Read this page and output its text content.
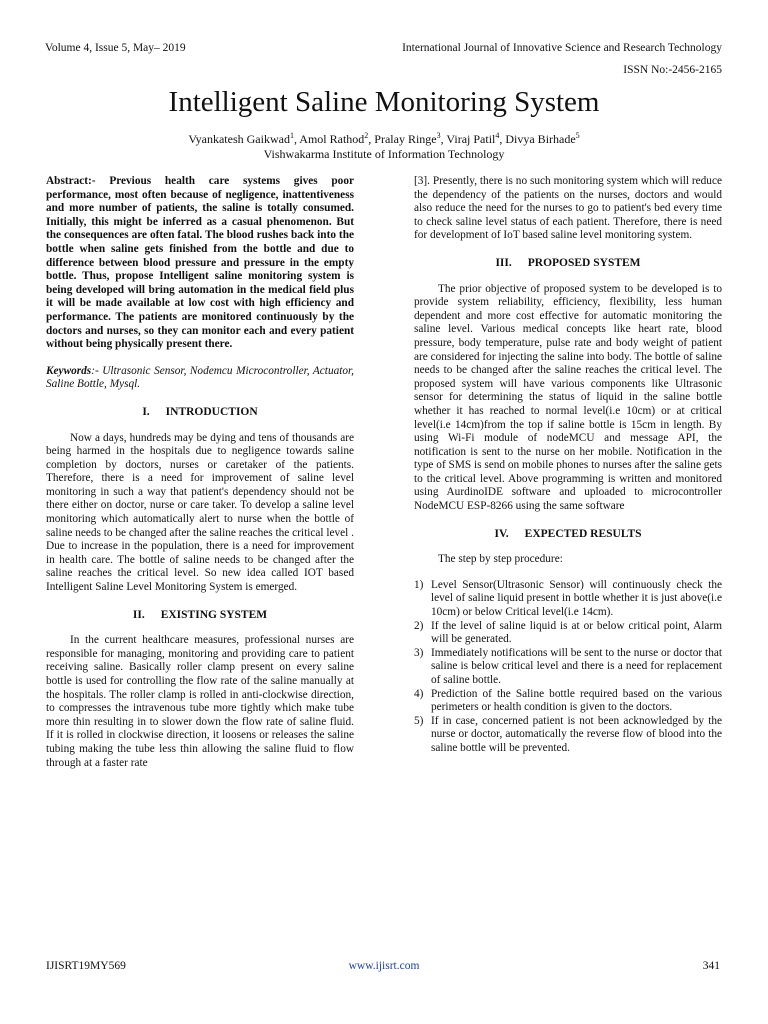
Volume 4, Issue 5, May– 2019	International Journal of Innovative Science and Research Technology
ISSN No:-2456-2165
Intelligent Saline Monitoring System
Vyankatesh Gaikwad$^1$, Amol Rathod$^2$, Pralay Ringe$^3$, Viraj Patil$^4$, Divya Birhade$^5$
Vishwakarma Institute of Information Technology

Abstract:- Previous health care systems gives poor performance, most often because of negligence, inattentiveness and more number of patients, the saline is totally consumed. Initially, this might be inferred as a casual phenomenon. But the consequences are often fatal. The blood rushes back into the bottle when saline gets finished from the bottle and due to difference between blood pressure and pressure in the empty bottle. Thus, propose Intelligent saline monitoring system is being developed will bring automation in the medical field plus it will be made available at low cost with high efficiency and performance. The patients are monitored continuously by the doctors and nurses, so they can monitor each and every patient without being physically present there.

Keywords:- Ultrasonic Sensor, Nodemcu Microcontroller, Actuator, Saline Bottle, Mysql.

I. INTRODUCTION

Now a days, hundreds may be dying and tens of thousands are being harmed in the hospitals due to negligence towards saline completion by doctors, nurses or caretaker of the patients. Therefore, there is a need for improvement of saline level monitoring in such a way that patient's dependency should not be there either on doctor, nurse or care taker. To develop a saline level monitoring which automatically alert to nurse when the bottle of saline needs to be changed after the saline reaches the critical level . Due to increase in the population, there is a need for improvement in health care. The bottle of saline needs to be changed after the saline reaches the critical level. So new idea called IOT based Intelligent Saline Level Monitoring System is emerged.

II. EXISTING SYSTEM

In the current healthcare measures, professional nurses are responsible for managing, monitoring and providing care to patient receiving saline. Basically roller clamp present on every saline bottle is used for controlling the flow rate of the saline manually at the hospitals. The roller clamp is rolled in anti-clockwise direction, to compresses the intravenous tube more tightly which make tube more thin resulting in to slower down the flow rate of saline fluid. If it is rolled in clockwise direction, it loosens or releases the saline tubing making the tube less thin allowing the saline fluid to flow through at a faster rate

[3]. Presently, there is no such monitoring system which will reduce the dependency of the patients on the nurses, doctors and would also reduce the need for the nurses to go to patient's bed every time to check saline level status of each patient. Therefore, there is need for development of IoT based saline level monitoring system.

III. PROPOSED SYSTEM

The prior objective of proposed system to be developed is to provide system reliability, efficiency, flexibility, less human dependent and more cost effective for automatic monitoring the saline level. Various medical concepts like heart rate, blood pressure, body temperature, pulse rate and body weight of patient are considered for injecting the saline into body. The bottle of saline needs to be changed after the saline reaches the critical level. The proposed system will have various components like Ultrasonic sensor for determining the status of liquid in the saline bottle whether it has reached to normal level(i.e 10cm) or at critical level(i.e 14cm)from the top if saline bottle is 15cm in length. By using Wi-Fi module of nodeMCU and message API, the notification is sent to the nurse on her mobile. Notification in the type of SMS is send on mobile phones to nurses after the saline gets to the critical level. Above programming is written and monitored using AurdinoIDE software and uploaded to microcontroller NodeMCU ESP-8266 using the same software

IV. EXPECTED RESULTS

The step by step procedure:

1) Level Sensor(Ultrasonic Sensor) will continuously check the level of saline liquid present in bottle whether it is just above(i.e 10cm) or below Critical level(i.e 14cm).
2) If the level of saline liquid is at or below critical point, Alarm will be generated.
3) Immediately notifications will be sent to the nurse or doctor that saline is below critical level and there is a need for replacement of saline bottle.
4) Prediction of the Saline bottle required based on the various perimeters or health condition is given to the doctors.
5) If in case, concerned patient is not been acknowledged by the nurse or doctor, automatically the reverse flow of blood into the saline bottle will be prevented.
IJISRT19MY569	www.ijisrt.com	341
